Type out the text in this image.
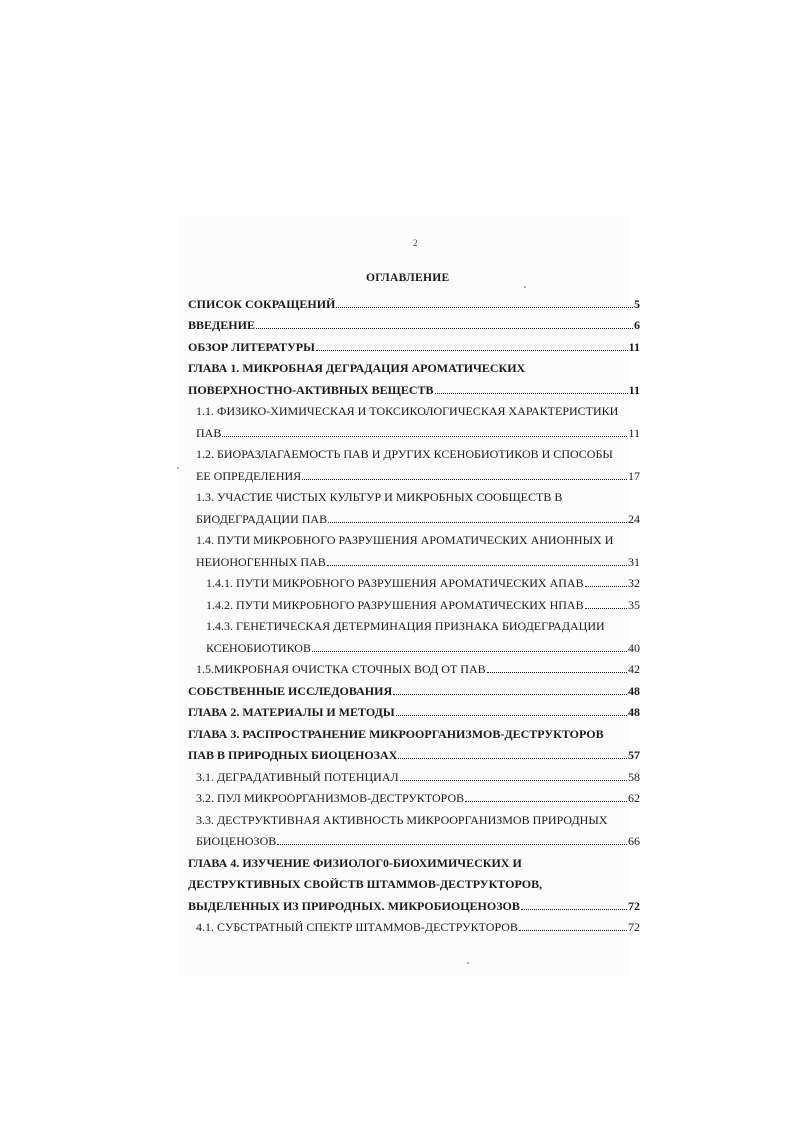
2
ОГЛАВЛЕНИЕ
СПИСОК СОКРАЩЕНИЙ	5
ВВЕДЕНИЕ	6
ОБЗОР ЛИТЕРАТУРЫ	11
ГЛАВА 1. МИКРОБНАЯ ДЕГРАДАЦИЯ АРОМАТИЧЕСКИХ
ПОВЕРХНОСТНО-АКТИВНЫХ ВЕЩЕСТВ	11
1.1. ФИЗИКО-ХИМИЧЕСКАЯ И ТОКСИКОЛОГИЧЕСКАЯ ХАРАКТЕРИСТИКИ
ПАВ	11
1.2. БИОРАЗЛАГАЕМОСТЬ ПАВ И ДРУГИХ КСЕНОБИОТИКОВ И СПОСОБЫ
ЕЕ ОПРЕДЕЛЕНИЯ	17
1.3. УЧАСТИЕ ЧИСТЫХ КУЛЬТУР И МИКРОБНЫХ СООБЩЕСТВ В
БИОДЕГРАДАЦИИ ПАВ	24
1.4. ПУТИ МИКРОБНОГО РАЗРУШЕНИЯ АРОМАТИЧЕСКИХ АНИОННЫХ И
НЕИОНОГЕННЫХ ПАВ	31
1.4.1. ПУТИ МИКРОБНОГО РАЗРУШЕНИЯ АРОМАТИЧЕСКИХ АПАВ	32
1.4.2. ПУТИ МИКРОБНОГО РАЗРУШЕНИЯ АРОМАТИЧЕСКИХ НПАВ	35
1.4.3. ГЕНЕТИЧЕСКАЯ ДЕТЕРМИНАЦИЯ ПРИЗНАКА БИОДЕГРАДАЦИИ
КСЕНОБИОТИКОВ	40
1.5.МИКРОБНАЯ ОЧИСТКА СТОЧНЫХ ВОД ОТ ПАВ	42
СОБСТВЕННЫЕ ИССЛЕДОВАНИЯ	48
ГЛАВА 2. МАТЕРИАЛЫ И МЕТОДЫ	48
ГЛАВА 3. РАСПРОСТРАНЕНИЕ МИКРООРГАНИЗМОВ-ДЕСТРУКТОРОВ
ПАВ В ПРИРОДНЫХ БИОЦЕНОЗАХ	57
3.1. ДЕГРАДАТИВНЫЙ ПОТЕНЦИАЛ	58
3.2. ПУЛ МИКРООРГАНИЗМОВ-ДЕСТРУКТОРОВ	62
3.3. ДЕСТРУКТИВНАЯ АКТИВНОСТЬ МИКРООРГАНИЗМОВ ПРИРОДНЫХ
БИОЦЕНОЗОВ	66
ГЛАВА 4. ИЗУЧЕНИЕ ФИЗИОЛОГ0-БИОХИМИЧЕСКИХ И
ДЕСТРУКТИВНЫХ СВОЙСТВ ШТАММОВ-ДЕСТРУКТОРОВ,
ВЫДЕЛЕННЫХ ИЗ ПРИРОДНЫХ. МИКРОБИОЦЕНОЗОВ	72
4.1. СУБСТРАТНЫЙ СПЕКТР ШТАММОВ-ДЕСТРУКТОРОВ	72
